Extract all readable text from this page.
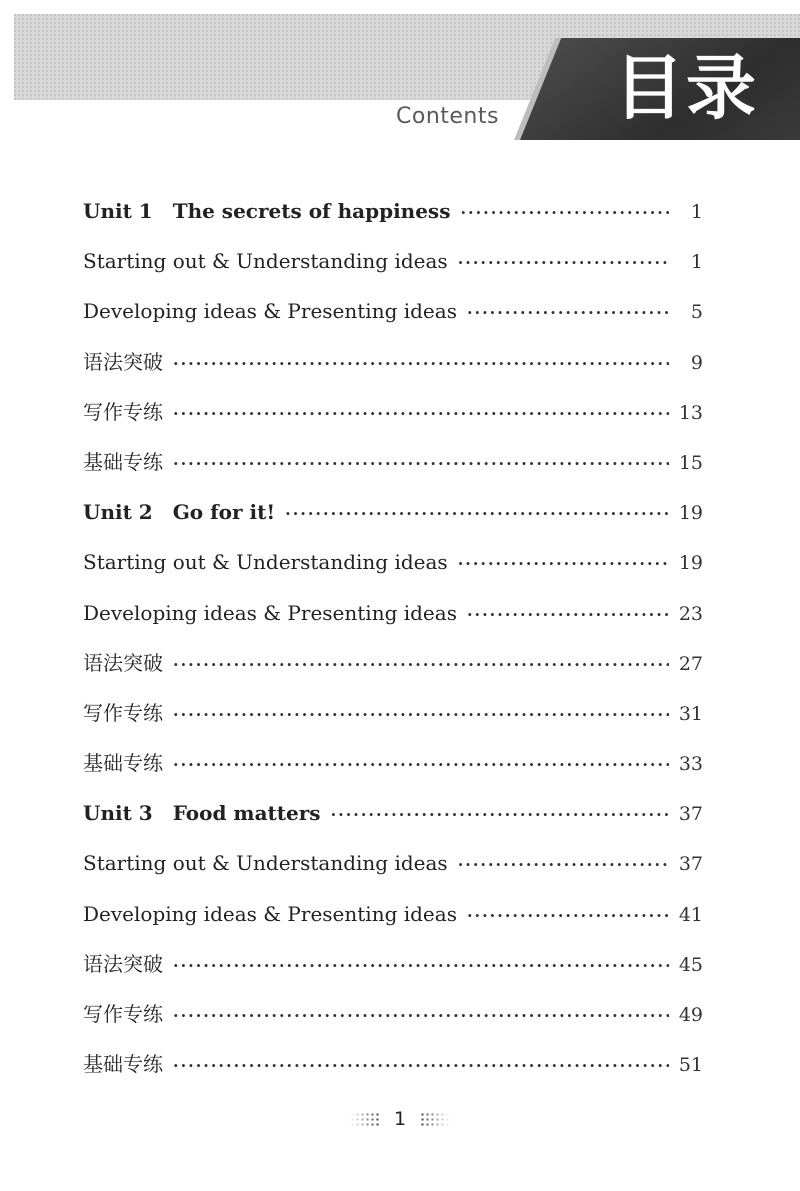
目录
Contents
Unit 1　The secrets of happiness ·····	1
Starting out & Understanding ideas ·····	1
Developing ideas & Presenting ideas ·····	5
语法突破 ·····	9
写作专练 ·····	13
基础专练 ·····	15
Unit 2　Go for it! ·····	19
Starting out & Understanding ideas ·····	19
Developing ideas & Presenting ideas ·····	23
语法突破 ·····	27
写作专练 ·····	31
基础专练 ·····	33
Unit 3　Food matters ·····	37
Starting out & Understanding ideas ·····	37
Developing ideas & Presenting ideas ·····	41
语法突破 ·····	45
写作专练 ·····	49
基础专练 ·····	51
1
